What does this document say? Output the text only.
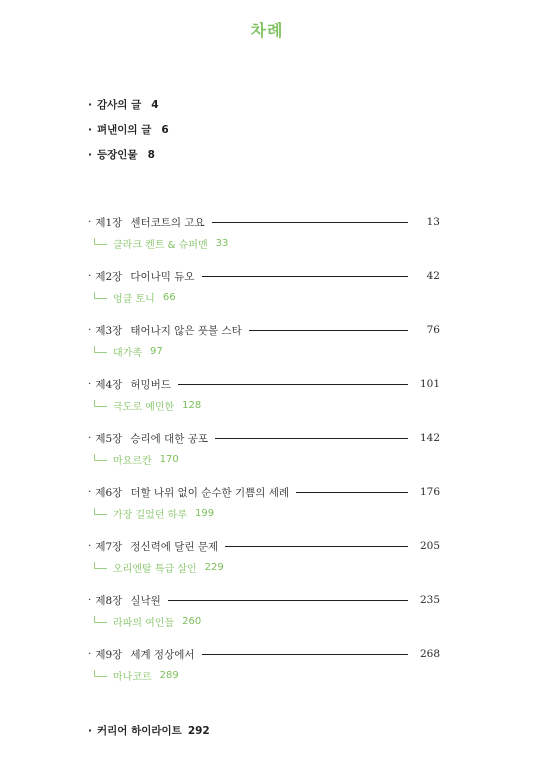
차례
· 감사의 글 4
· 펴낸이의 글 6
· 등장인물 8
· 제1장 센터코트의 고요	13
클라크 켄트 & 슈퍼맨 33
· 제2장 다이나믹 듀오	42
엉클 토니 66
· 제3장 태어나지 않은 풋볼 스타	76
대가족 97
· 제4장 허밍버드	101
극도로 예민한 128
· 제5장 승리에 대한 공포	142
마요르칸 170
· 제6장 더할 나위 없이 순수한 기쁨의 세례	176
가장 길었던 하루 199
· 제7장 정신력에 달린 문제	205
오리엔탈 특급 살인 229
· 제8장 실낙원	235
라파의 여인들 260
· 제9장 세계 정상에서	268
마나코르 289
· 커리어 하이라이트 292
